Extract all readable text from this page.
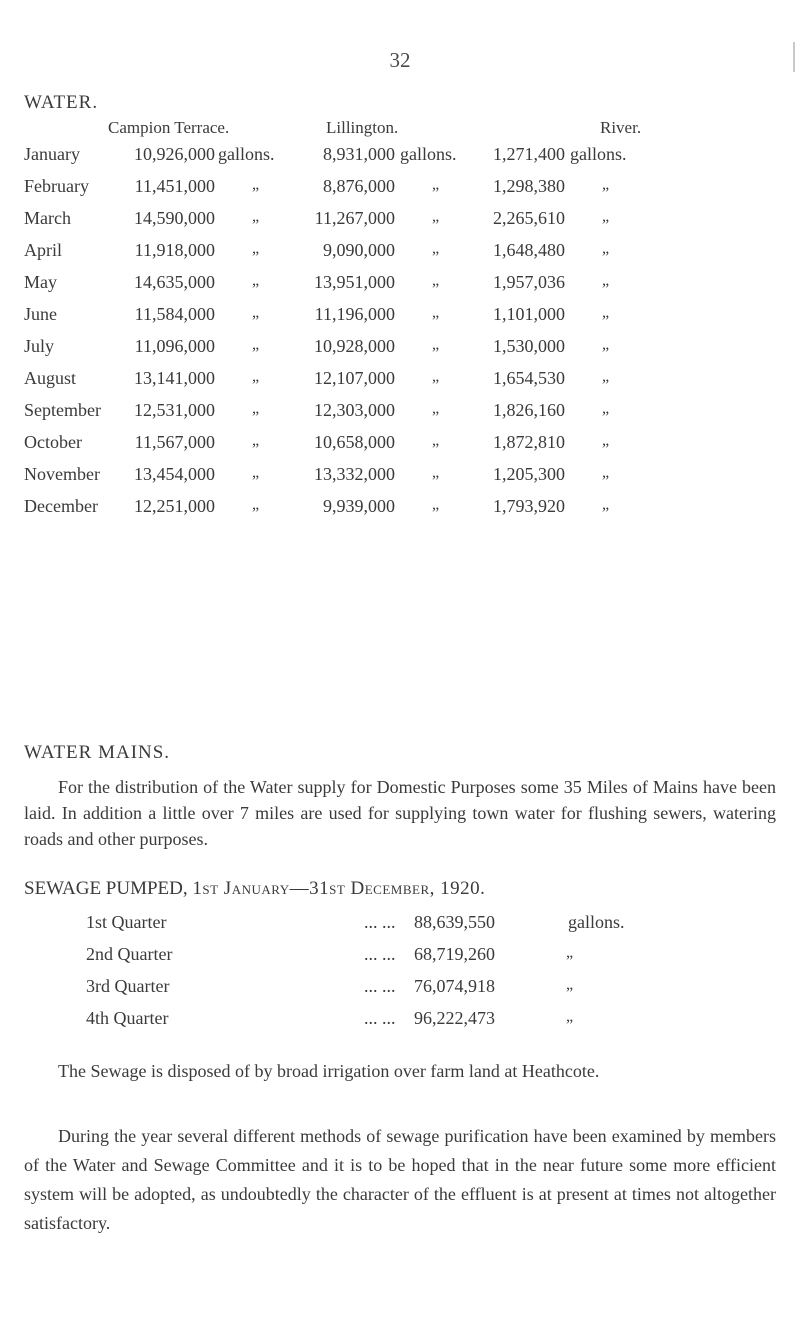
32
WATER.
Campion Terrace.	Lillington.	River.
January	10,926,000 gallons.	8,931,000 gallons.	1,271,400 gallons.
February	11,451,000 „	8,876,000 „	1,298,380 „
March	14,590,000 „	11,267,000 „	2,265,610 „
April	11,918,000 „	9,090,000 „	1,648,480 „
May	14,635,000 „	13,951,000 „	1,957,036 „
June	11,584,000 „	11,196,000 „	1,101,000 „
July	11,096,000 „	10,928,000 „	1,530,000 „
August	13,141,000 „	12,107,000 „	1,654,530 „
September	12,531,000 „	12,303,000 „	1,826,160 „
October	11,567,000 „	10,658,000 „	1,872,810 „
November	13,454,000 „	13,332,000 „	1,205,300 „
December	12,251,000 „	9,939,000 „	1,793,920 „
WATER MAINS.

For the distribution of the Water supply for Domestic Purposes some 35 Miles of Mains have been laid. In addition a little over 7 miles are used for supplying town water for flushing sewers, watering roads and other purposes.

SEWAGE PUMPED, 1st January—31st December, 1920.
1st Quarter	... ... 88,639,550	gallons.
2nd Quarter	... ... 68,719,260	„
3rd Quarter	... ... 76,074,918	„
4th Quarter	... ... 96,222,473	„

The Sewage is disposed of by broad irrigation over farm land at Heathcote.

During the year several different methods of sewage purification have been examined by members of the Water and Sewage Committee and it is to be hoped that in the near future some more efficient system will be adopted, as undoubtedly the character of the effluent is at present at times not altogether satisfactory.
